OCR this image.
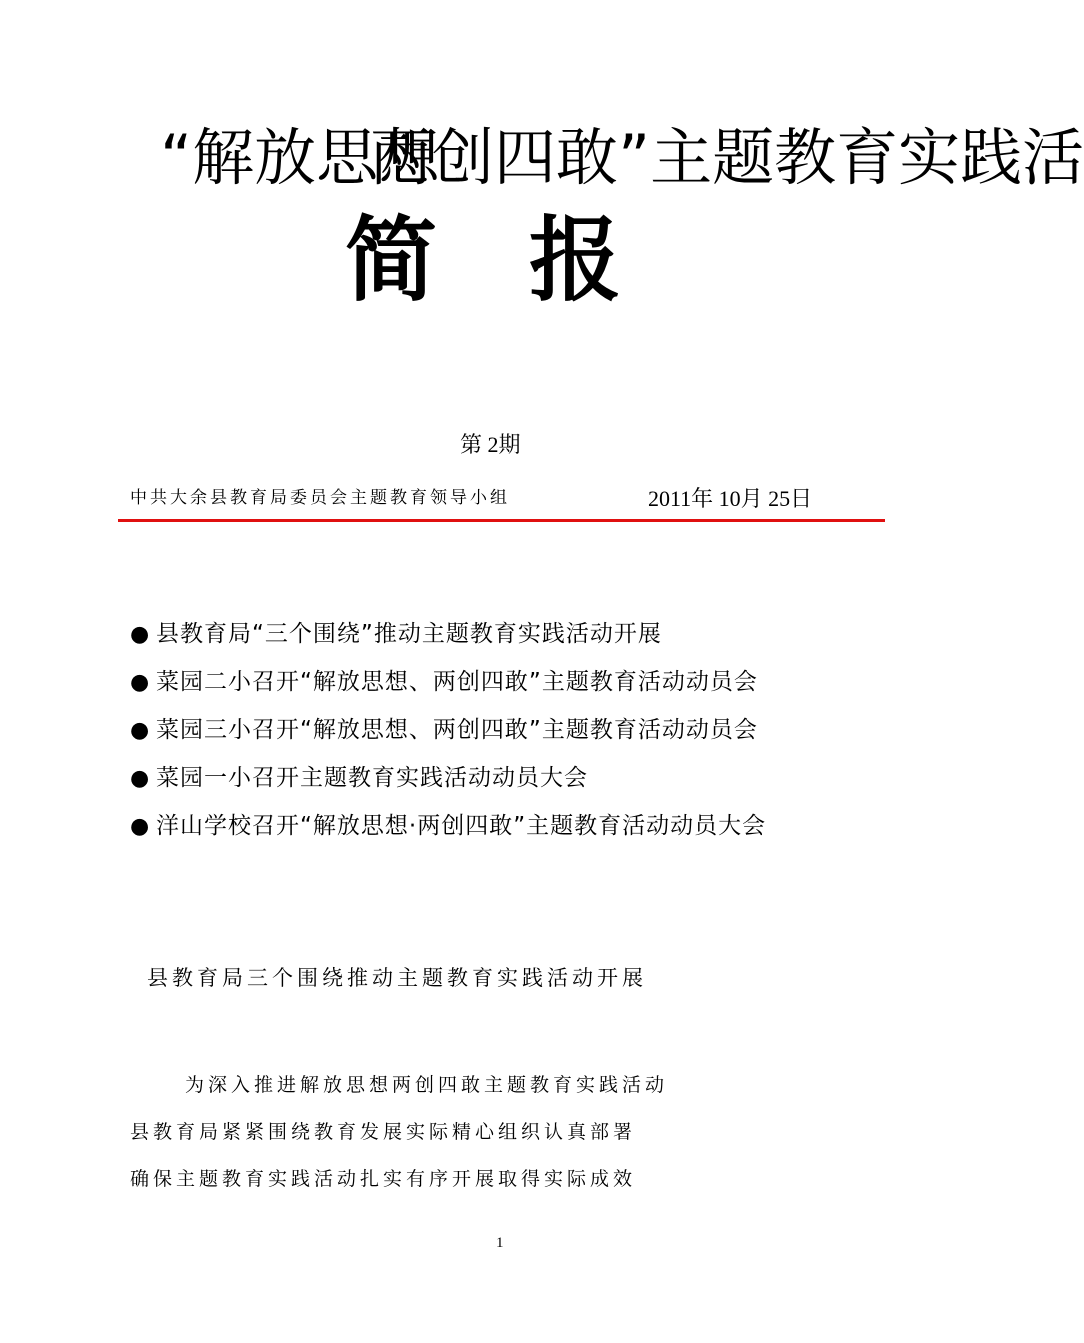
“解放思想
两创四敢”主题教育实践活
简报
第 2期
中共大余县教育局委员会主题教育领导小组	2011年 10月 25日
● 县教育局“三个围绕”推动主题教育实践活动开展
● 菜园二小召开“解放思想、两创四敢”主题教育活动动员会
● 菜园三小召开“解放思想、两创四敢”主题教育活动动员会
● 菜园一小召开主题教育实践活动动员大会
● 洋山学校召开“解放思想·两创四敢”主题教育活动动员大会
县教育局三个围绕推动主题教育实践活动开展
为深入推进解放思想两创四敢主题教育实践活动
县教育局紧紧围绕教育发展实际精心组织认真部署
确保主题教育实践活动扎实有序开展取得实际成效
1
